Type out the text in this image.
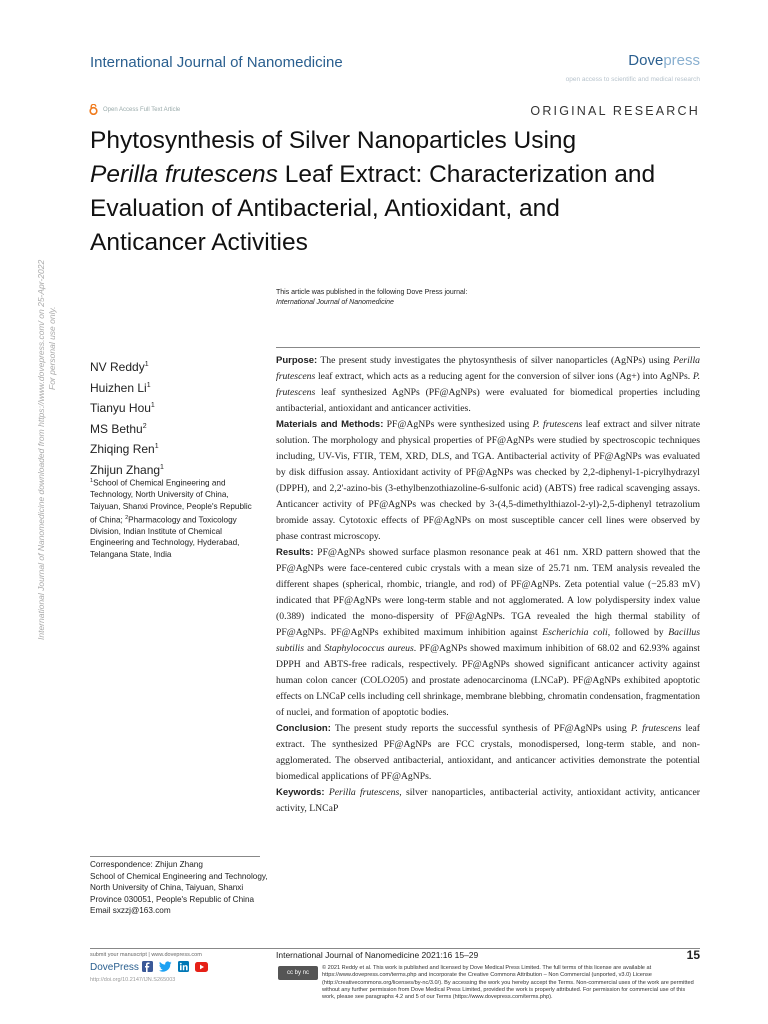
International Journal of Nanomedicine	Dovepress
open access to scientific and medical research
Open Access Full Text Article	ORIGINAL RESEARCH
Phytosynthesis of Silver Nanoparticles Using
Perilla frutescens Leaf Extract: Characterization and
Evaluation of Antibacterial, Antioxidant, and
Anticancer Activities
This article was published in the following Dove Press journal:
International Journal of Nanomedicine
International Journal of Nanomedicine downloaded from https://www.dovepress.com/ on 25-Apr-2022 For personal use only.	NV Reddy$^1$
Huizhen Li$^1$
Tianyu Hou$^1$
MS Bethu$^2$
Zhiqing Ren$^1$
Zhijun Zhang$^1$
$^1$School of Chemical Engineering and Technology, North University of China, Taiyuan, Shanxi Province, People's Republic of China; $^2$Pharmacology and Toxicology Division, Indian Institute of Chemical Engineering and Technology, Hyderabad, Telangana State, India

Purpose: The present study investigates the phytosynthesis of silver nanoparticles (AgNPs) using Perilla frutescens leaf extract, which acts as a reducing agent for the conversion of silver ions (Ag+) into AgNPs. P. frutescens leaf synthesized AgNPs (PF@AgNPs) were evaluated for biomedical properties including antibacterial, antioxidant and anticancer activities.

Materials and Methods: PF@AgNPs were synthesized using P. frutescens leaf extract and silver nitrate solution. The morphology and physical properties of PF@AgNPs were studied by spectroscopic techniques including, UV-Vis, FTIR, TEM, XRD, DLS, and TGA. Antibacterial activity of PF@AgNPs was evaluated by disk diffusion assay. Antioxidant activity of PF@AgNPs was checked by 2,2-diphenyl-1-picrylhydrazyl (DPPH), and 2,2'-azino-bis (3-ethylbenzothiazoline-6-sulfonic acid) (ABTS) free radical scavenging assays. Anticancer activity of PF@AgNPs was checked by 3-(4,5-dimethylthiazol-2-yl)-2,5-diphenyl tetrazolium bromide assay. Cytotoxic effects of PF@AgNPs on most susceptible cancer cell lines were observed by phase contrast microscopy.

Results: PF@AgNPs showed surface plasmon resonance peak at 461 nm. XRD pattern showed that the PF@AgNPs were face-centered cubic crystals with a mean size of 25.71 nm. TEM analysis revealed the different shapes (spherical, rhombic, triangle, and rod) of PF@AgNPs. Zeta potential value (−25.83 mV) indicated that PF@AgNPs were long-term stable and not agglomerated. A low polydispersity index value (0.389) indicated the mono-dispersity of PF@AgNPs. TGA revealed the high thermal stability of PF@AgNPs. PF@AgNPs exhibited maximum inhibition against Escherichia coli, followed by Bacillus subtilis and Staphylococcus aureus. PF@AgNPs showed maximum inhibition of 68.02 and 62.93% against DPPH and ABTS-free radicals, respectively. PF@AgNPs showed significant anticancer activity against human colon cancer (COLO205) and prostate adenocarcinoma (LNCaP). PF@AgNPs exhibited apoptotic effects on LNCaP cells including cell shrinkage, membrane blebbing, chromatin condensation, fragmentation of nuclei, and formation of apoptotic bodies.

Conclusion: The present study reports the successful synthesis of PF@AgNPs using P. frutescens leaf extract. The synthesized PF@AgNPs are FCC crystals, monodispersed, long-term stable, and non-agglomerated. The observed antibacterial, antioxidant, and anticancer activities demonstrate the potential biomedical applications of PF@AgNPs.

Keywords: Perilla frutescens, silver nanoparticles, antibacterial activity, antioxidant activity, anticancer activity, LNCaP

Correspondence: Zhijun Zhang
School of Chemical Engineering and Technology, North University of China, Taiyuan, Shanxi Province 030051, People's Republic of China
Email sxzzj@163.com
submit your manuscript | www.dovepress.com
DovePress
http://doi.org/10.2147/IJN.S265003
International Journal of Nanomedicine 2021:16 15–29	15
cc by nc
© 2021 Reddy et al. This work is published and licensed by Dove Medical Press Limited. The full terms of this license are available at https://www.dovepress.com/terms.php and incorporate the Creative Commons Attribution – Non Commercial (unported, v3.0) License (http://creativecommons.org/licenses/by-nc/3.0/). By accessing the work you hereby accept the Terms. Non-commercial uses of the work are permitted without any further permission from Dove Medical Press Limited, provided the work is properly attributed. For permission for commercial use of this work, please see paragraphs 4.2 and 5 of our Terms (https://www.dovepress.com/terms.php).
